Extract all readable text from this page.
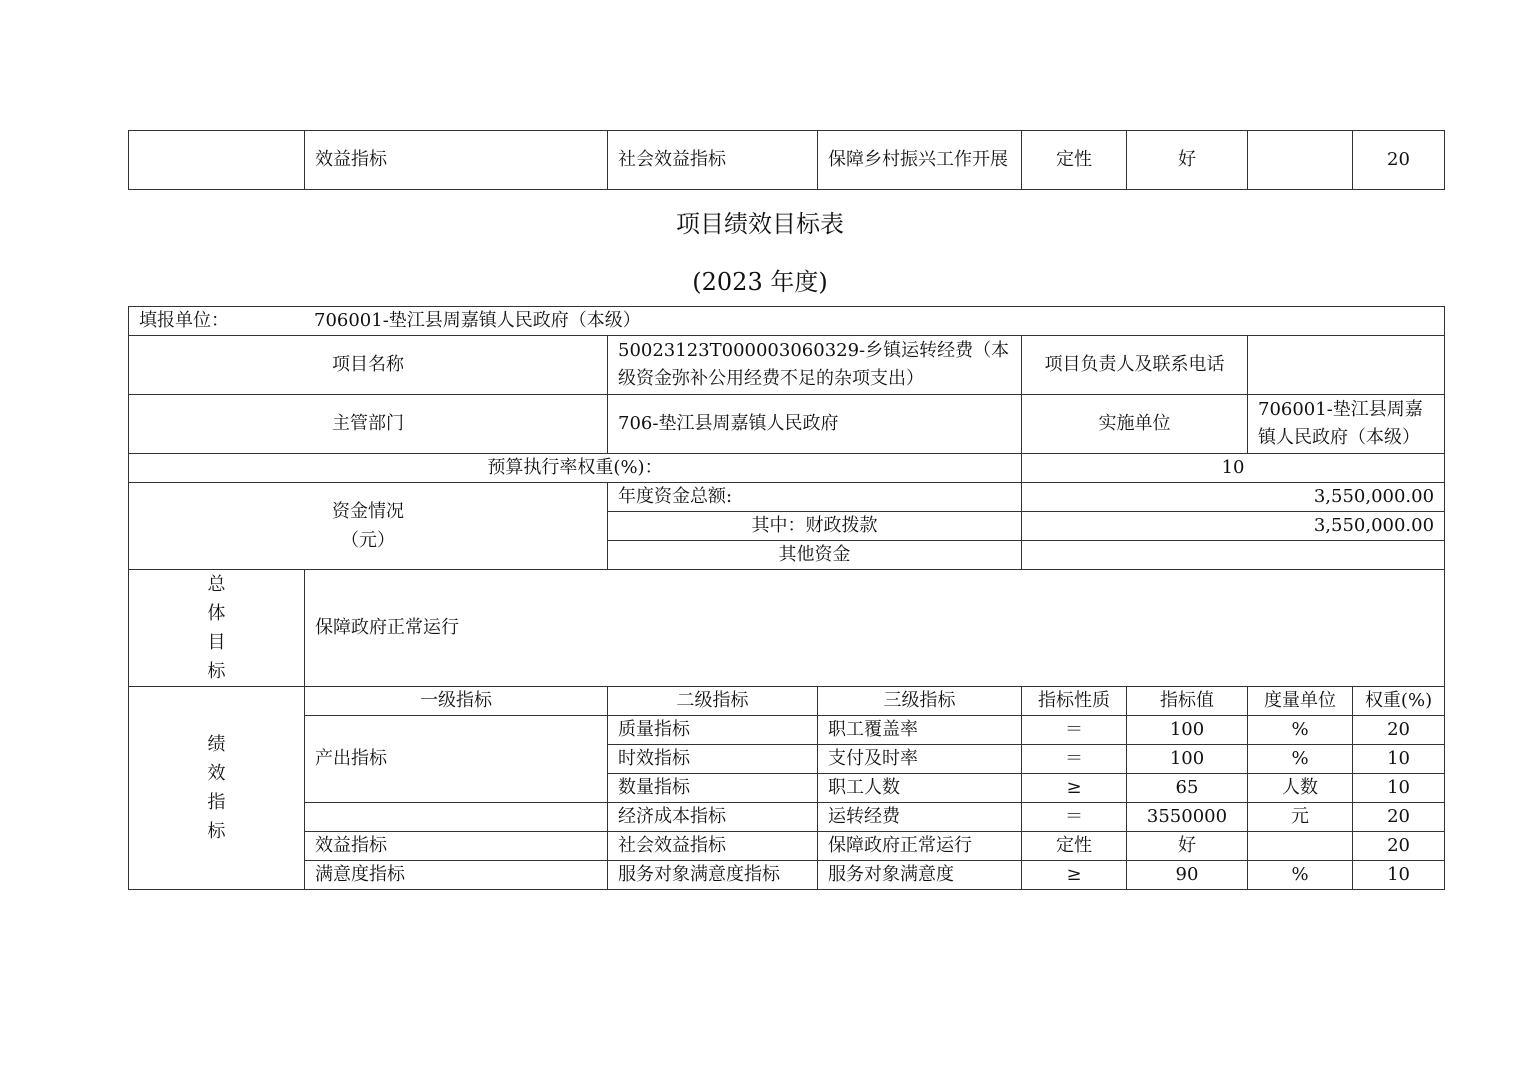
	效益指标	社会效益指标	保障乡村振兴工作开展	定性	好		20
项目绩效目标表
(2023 年度)
填报单位： 706001-垫江县周嘉镇人民政府（本级）							
项目名称		50023123T000003060329-乡镇运转经费（本级资金弥补公用经费不足的杂项支出）		项目负责人及联系电话			
主管部门		706-垫江县周嘉镇人民政府		实施单位		706001-垫江县周嘉镇人民政府（本级）	
预算执行率权重(%)：				10			

资金情况
（元）		年度资金总额:		3,550,000.00			
		其中：财政拨款		3,550,000.00			
		其他资金					

总
体
目
标	保障政府正常运行						

绩
效
指
标	一级指标	二级指标	三级指标	指标性质	指标值	度量单位	权重(%)
	产出指标	质量指标	职工覆盖率	＝	100	%	20
		时效指标	支付及时率	＝	100	%	10
		数量指标	职工人数	≥	65	人数	10
		经济成本指标	运转经费	＝	3550000	元	20
	效益指标	社会效益指标	保障政府正常运行	定性	好		20
	满意度指标	服务对象满意度指标	服务对象满意度	≥	90	%	10
